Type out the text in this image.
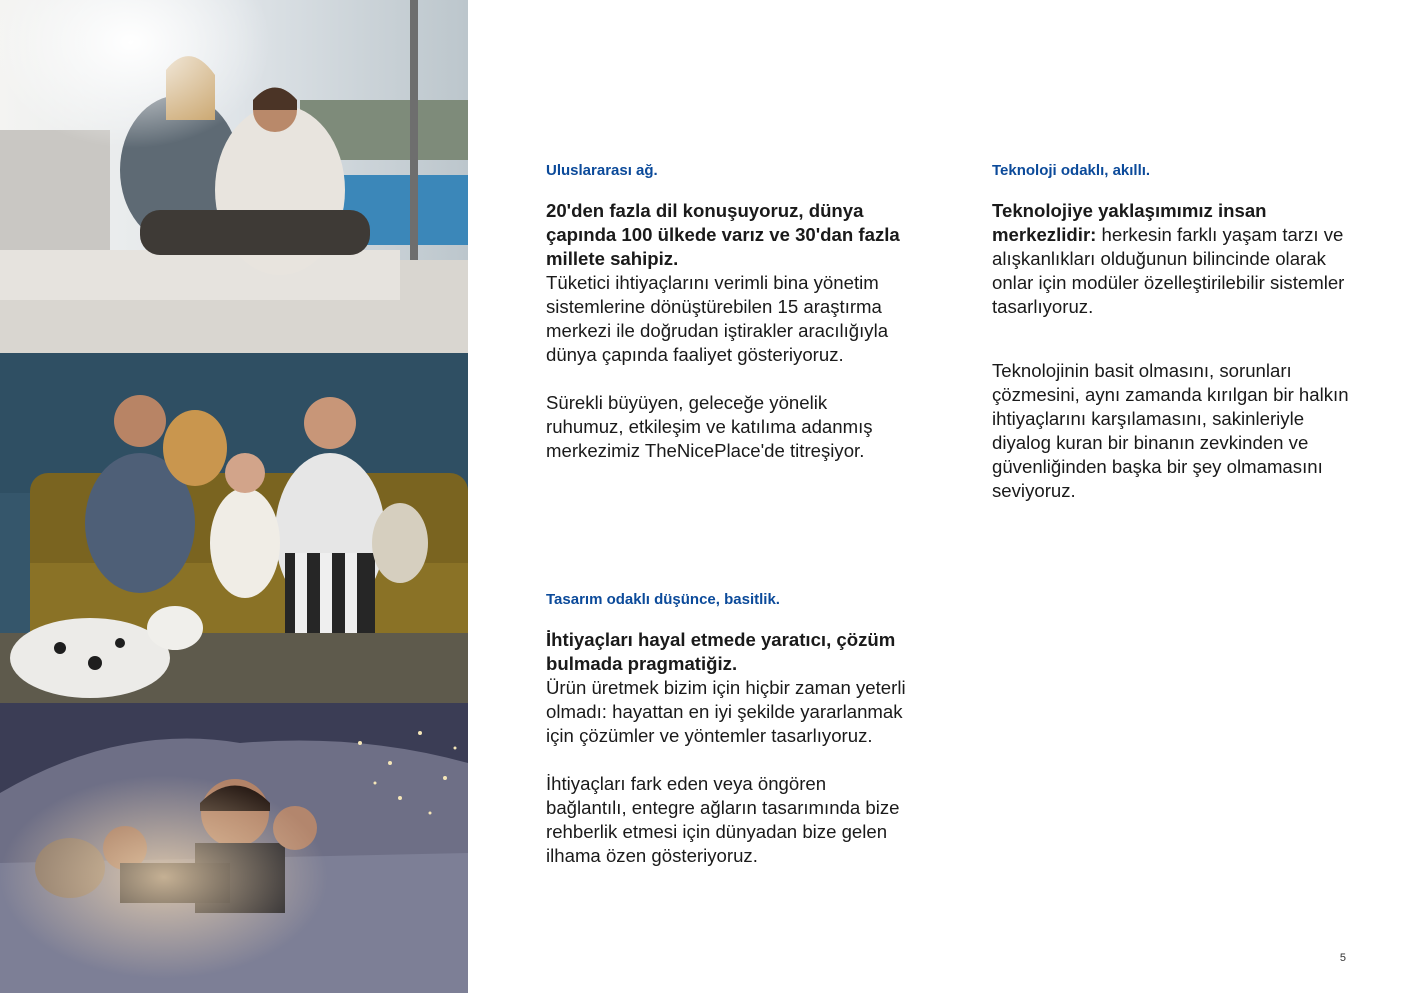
Uluslararası ağ.

20'den fazla dil konuşuyoruz, dünya çapında 100 ülkede varız ve 30'dan fazla millete sahipiz.

Tüketici ihtiyaçlarını verimli bina yönetim sistemlerine dönüştürebilen 15 araştırma merkezi ile doğrudan iştirakler aracılığıyla dünya çapında faaliyet gösteriyoruz.

Sürekli büyüyen, geleceğe yönelik ruhumuz, etkileşim ve katılıma adanmış merkezimiz TheNicePlace'de titreşiyor.

Teknoloji odaklı, akıllı.

Teknolojiye yaklaşımımız insan merkezlidir: herkesin farklı yaşam tarzı ve alışkanlıkları olduğunun bilincinde olarak onlar için modüler özelleştirilebilir sistemler tasarlıyoruz.

Teknolojinin basit olmasını, sorunları çözmesini, aynı zamanda kırılgan bir halkın ihtiyaçlarını karşılamasını, sakinleriyle diyalog kuran bir binanın zevkinden ve güvenliğinden başka bir şey olmamasını seviyoruz.

Tasarım odaklı düşünce, basitlik.

İhtiyaçları hayal etmede yaratıcı, çözüm bulmada pragmatiğiz.

Ürün üretmek bizim için hiçbir zaman yeterli olmadı: hayattan en iyi şekilde yararlanmak için çözümler ve yöntemler tasarlıyoruz.

İhtiyaçları fark eden veya öngören bağlantılı, entegre ağların tasarımında bize rehberlik etmesi için dünyadan bize gelen ilhama özen gösteriyoruz.

5
